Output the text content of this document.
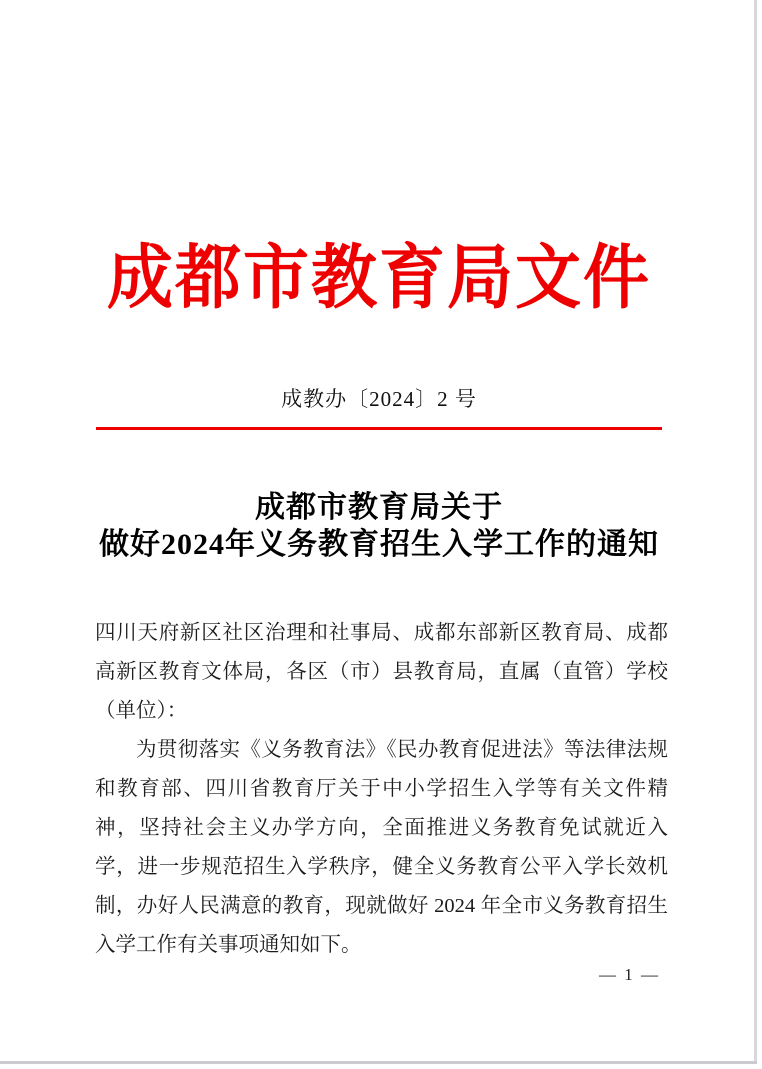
成都市教育局文件
成教办〔2024〕2 号
成都市教育局关于
做好2024年义务教育招生入学工作的通知

四川天府新区社区治理和社事局、成都东部新区教育局、成都高新区教育文体局，各区（市）县教育局，直属（直管）学校（单位）：

为贯彻落实《义务教育法》《民办教育促进法》等法律法规和教育部、四川省教育厅关于中小学招生入学等有关文件精神，坚持社会主义办学方向，全面推进义务教育免试就近入学，进一步规范招生入学秩序，健全义务教育公平入学长效机制，办好人民满意的教育，现就做好 2024 年全市义务教育招生入学工作有关事项通知如下。

— 1 —
